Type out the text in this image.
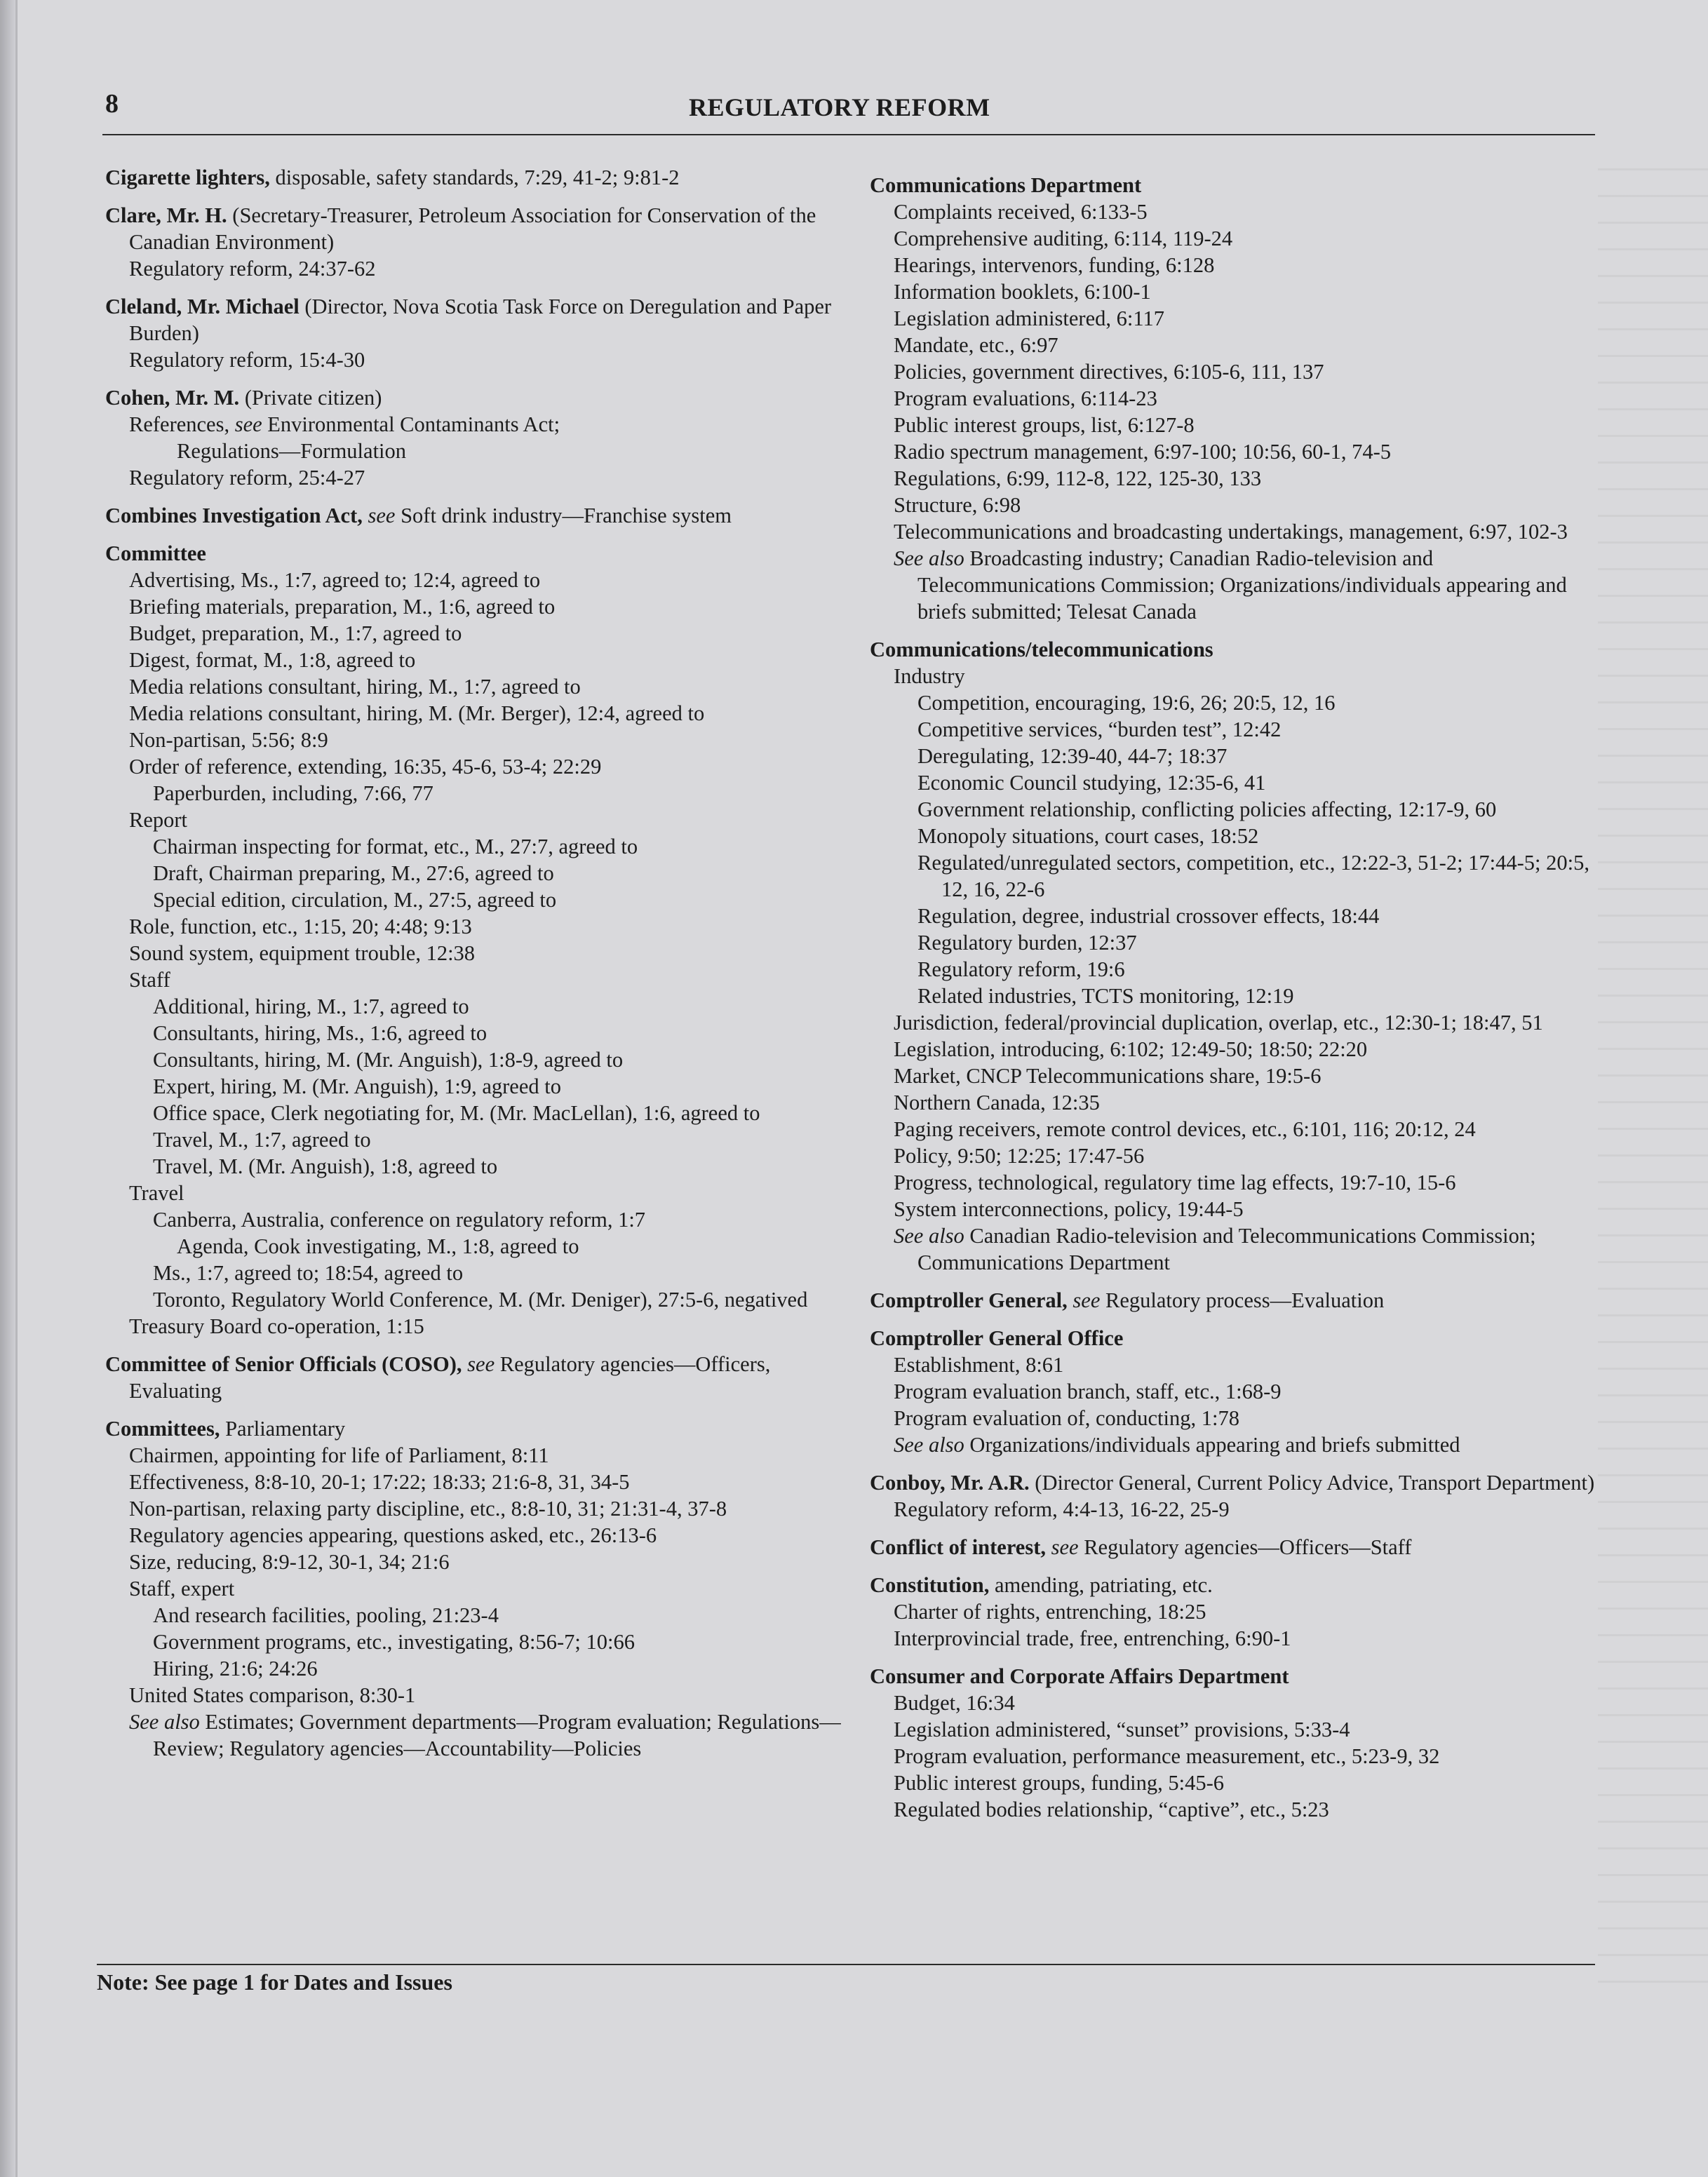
8	REGULATORY REFORM
Cigarette lighters, disposable, safety standards, 7:29, 41-2; 9:81-2
Clare, Mr. H. (Secretary-Treasurer, Petroleum Association for Conservation of the Canadian Environment)
Regulatory reform, 24:37-62
Cleland, Mr. Michael (Director, Nova Scotia Task Force on Deregulation and Paper Burden)
Regulatory reform, 15:4-30
Cohen, Mr. M. (Private citizen)
References, see Environmental Contaminants Act;
Regulations—Formulation
Regulatory reform, 25:4-27
Combines Investigation Act, see Soft drink industry—Franchise system
Committee
Advertising, Ms., 1:7, agreed to; 12:4, agreed to
Briefing materials, preparation, M., 1:6, agreed to
Budget, preparation, M., 1:7, agreed to
Digest, format, M., 1:8, agreed to
Media relations consultant, hiring, M., 1:7, agreed to
Media relations consultant, hiring, M. (Mr. Berger), 12:4, agreed to
Non-partisan, 5:56; 8:9
Order of reference, extending, 16:35, 45-6, 53-4; 22:29
Paperburden, including, 7:66, 77
Report
Chairman inspecting for format, etc., M., 27:7, agreed to
Draft, Chairman preparing, M., 27:6, agreed to
Special edition, circulation, M., 27:5, agreed to
Role, function, etc., 1:15, 20; 4:48; 9:13
Sound system, equipment trouble, 12:38
Staff
Additional, hiring, M., 1:7, agreed to
Consultants, hiring, Ms., 1:6, agreed to
Consultants, hiring, M. (Mr. Anguish), 1:8-9, agreed to
Expert, hiring, M. (Mr. Anguish), 1:9, agreed to
Office space, Clerk negotiating for, M. (Mr. MacLellan), 1:6, agreed to
Travel, M., 1:7, agreed to
Travel, M. (Mr. Anguish), 1:8, agreed to
Travel
Canberra, Australia, conference on regulatory reform, 1:7
Agenda, Cook investigating, M., 1:8, agreed to
Ms., 1:7, agreed to; 18:54, agreed to
Toronto, Regulatory World Conference, M. (Mr. Deniger), 27:5-6, negatived
Treasury Board co-operation, 1:15
Committee of Senior Officials (COSO), see Regulatory agencies—Officers, Evaluating
Committees, Parliamentary
Chairmen, appointing for life of Parliament, 8:11
Effectiveness, 8:8-10, 20-1; 17:22; 18:33; 21:6-8, 31, 34-5
Non-partisan, relaxing party discipline, etc., 8:8-10, 31; 21:31-4, 37-8
Regulatory agencies appearing, questions asked, etc., 26:13-6
Size, reducing, 8:9-12, 30-1, 34; 21:6
Staff, expert
And research facilities, pooling, 21:23-4
Government programs, etc., investigating, 8:56-7; 10:66
Hiring, 21:6; 24:26
United States comparison, 8:30-1
See also Estimates; Government departments—Program evaluation; Regulations—Review; Regulatory agencies—Accountability—Policies
Communications Department
Complaints received, 6:133-5
Comprehensive auditing, 6:114, 119-24
Hearings, intervenors, funding, 6:128
Information booklets, 6:100-1
Legislation administered, 6:117
Mandate, etc., 6:97
Policies, government directives, 6:105-6, 111, 137
Program evaluations, 6:114-23
Public interest groups, list, 6:127-8
Radio spectrum management, 6:97-100; 10:56, 60-1, 74-5
Regulations, 6:99, 112-8, 122, 125-30, 133
Structure, 6:98
Telecommunications and broadcasting undertakings, management, 6:97, 102-3
See also Broadcasting industry; Canadian Radio-television and Telecommunications Commission; Organizations/individuals appearing and briefs submitted; Telesat Canada
Communications/telecommunications
Industry
Competition, encouraging, 19:6, 26; 20:5, 12, 16
Competitive services, “burden test”, 12:42
Deregulating, 12:39-40, 44-7; 18:37
Economic Council studying, 12:35-6, 41
Government relationship, conflicting policies affecting, 12:17-9, 60
Monopoly situations, court cases, 18:52
Regulated/unregulated sectors, competition, etc., 12:22-3, 51-2; 17:44-5; 20:5, 12, 16, 22-6
Regulation, degree, industrial crossover effects, 18:44
Regulatory burden, 12:37
Regulatory reform, 19:6
Related industries, TCTS monitoring, 12:19
Jurisdiction, federal/provincial duplication, overlap, etc., 12:30-1; 18:47, 51
Legislation, introducing, 6:102; 12:49-50; 18:50; 22:20
Market, CNCP Telecommunications share, 19:5-6
Northern Canada, 12:35
Paging receivers, remote control devices, etc., 6:101, 116; 20:12, 24
Policy, 9:50; 12:25; 17:47-56
Progress, technological, regulatory time lag effects, 19:7-10, 15-6
System interconnections, policy, 19:44-5
See also Canadian Radio-television and Telecommunications Commission; Communications Department
Comptroller General, see Regulatory process—Evaluation
Comptroller General Office
Establishment, 8:61
Program evaluation branch, staff, etc., 1:68-9
Program evaluation of, conducting, 1:78
See also Organizations/individuals appearing and briefs submitted
Conboy, Mr. A.R. (Director General, Current Policy Advice, Transport Department)
Regulatory reform, 4:4-13, 16-22, 25-9
Conflict of interest, see Regulatory agencies—Officers—Staff
Constitution, amending, patriating, etc.
Charter of rights, entrenching, 18:25
Interprovincial trade, free, entrenching, 6:90-1
Consumer and Corporate Affairs Department
Budget, 16:34
Legislation administered, “sunset” provisions, 5:33-4
Program evaluation, performance measurement, etc., 5:23-9, 32
Public interest groups, funding, 5:45-6
Regulated bodies relationship, “captive”, etc., 5:23
Note: See page 1 for Dates and Issues
